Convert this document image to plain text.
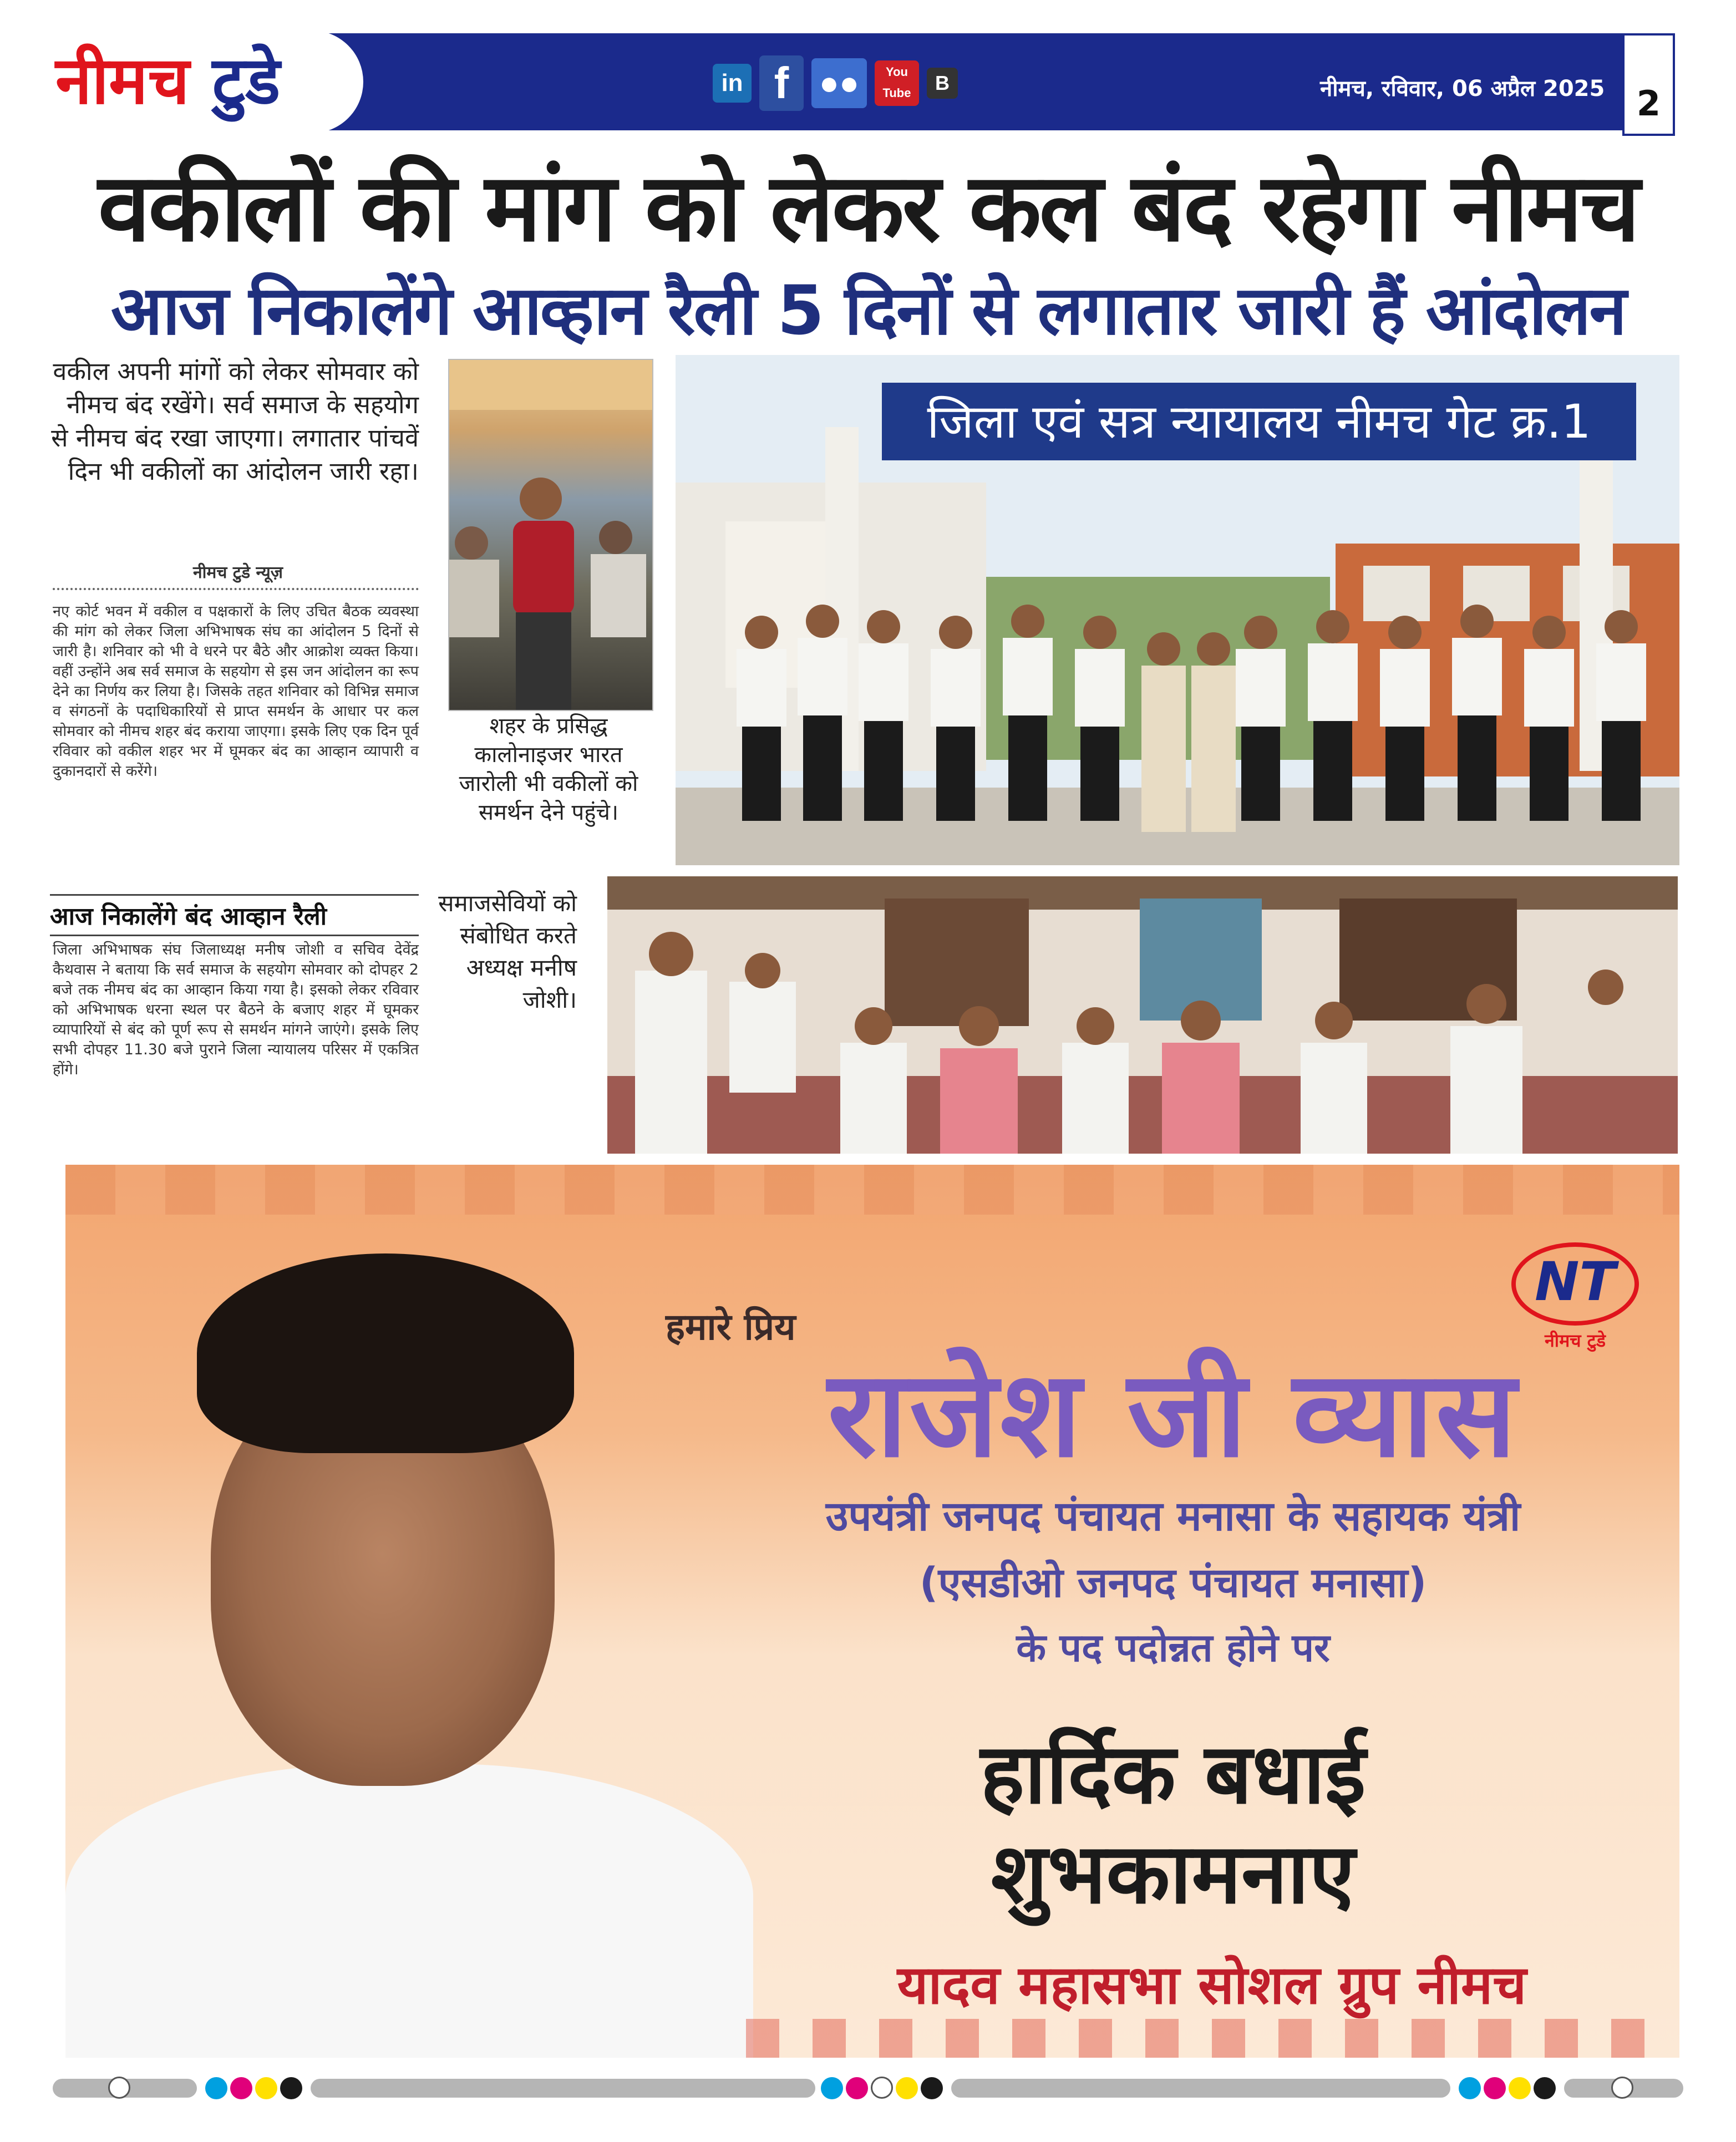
नीमच टुडे	in f ●●	You Tube	B	नीमच, रविवार, 06 अप्रैल 2025 2
वकीलों की मांग को लेकर कल बंद रहेगा नीमच
आज निकालेंगे आव्हान रैली 5 दिनों से लगातार जारी हैं आंदोलन
वकील अपनी मांगों को लेकर सोमवार को नीमच बंद रखेंगे। सर्व समाज के सहयोग से नीमच बंद रखा जाएगा। लगातार पांचवें दिन भी वकीलों का आंदोलन जारी रहा।
नीमच टुडे न्यूज़
नए कोर्ट भवन में वकील व पक्षकारों के लिए उचित बैठक व्यवस्था की मांग को लेकर जिला अभिभाषक संघ का आंदोलन 5 दिनों से जारी है। शनिवार को भी वे धरने पर बैठे और आक्रोश व्यक्त किया। वहीं उन्होंने अब सर्व समाज के सहयोग से इस जन आंदोलन का रूप देने का निर्णय कर लिया है। जिसके तहत शनिवार को विभिन्न समाज व संगठनों के पदाधिकारियों से प्राप्त समर्थन के आधार पर कल सोमवार को नीमच शहर बंद कराया जाएगा। इसके लिए एक दिन पूर्व रविवार को वकील शहर भर में घूमकर बंद का आव्हान व्यापारी व दुकानदारों से करेंगे।
आज निकालेंगे बंद आव्हान रैली
जिला अभिभाषक संघ जिलाध्यक्ष मनीष जोशी व सचिव देवेंद्र कैथवास ने बताया कि सर्व समाज के सहयोग सोमवार को दोपहर 2 बजे तक नीमच बंद का आव्हान किया गया है। इसको लेकर रविवार को अभिभाषक धरना स्थल पर बैठने के बजाए शहर में घूमकर व्यापारियों से बंद को पूर्ण रूप से समर्थन मांगने जाएंगे। इसके लिए सभी दोपहर 11.30 बजे पुराने जिला न्यायालय परिसर में एकत्रित होंगे।
शहर के प्रसिद्ध कालोनाइजर भारत जारोली भी वकीलों को समर्थन देने पहुंचे।
जिला एवं सत्र न्यायालय नीमच गेट क्र.1
समाजसेवियों को संबोधित करते अध्यक्ष मनीष जोशी।
NT
नीमच टुडे
हमारे प्रिय
राजेश जी व्यास
उपयंत्री जनपद पंचायत मनासा के सहायक यंत्री
(एसडीओ जनपद पंचायत मनासा)
के पद पदोन्नत होने पर
हार्दिक बधाई
शुभकामनाए
यादव महासभा सोशल ग्रुप नीमच
